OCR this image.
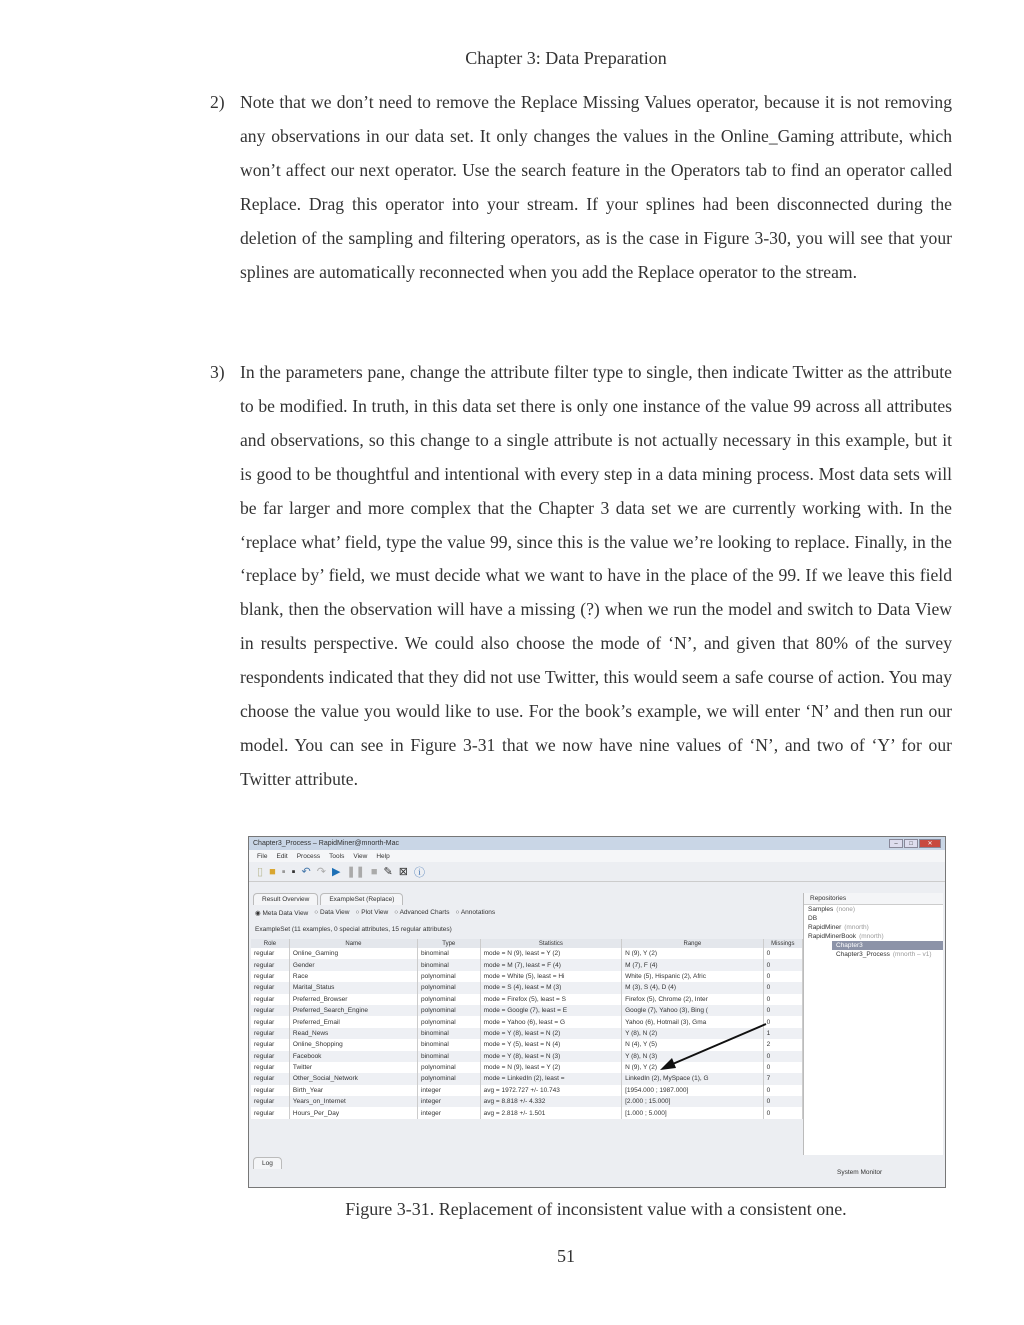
Chapter 3: Data Preparation
2) Note that we don’t need to remove the Replace Missing Values operator, because it is not removing any observations in our data set. It only changes the values in the Online_Gaming attribute, which won’t affect our next operator. Use the search feature in the Operators tab to find an operator called Replace. Drag this operator into your stream. If your splines had been disconnected during the deletion of the sampling and filtering operators, as is the case in Figure 3-30, you will see that your splines are automatically reconnected when you add the Replace operator to the stream.
3) In the parameters pane, change the attribute filter type to single, then indicate Twitter as the attribute to be modified. In truth, in this data set there is only one instance of the value 99 across all attributes and observations, so this change to a single attribute is not actually necessary in this example, but it is good to be thoughtful and intentional with every step in a data mining process. Most data sets will be far larger and more complex that the Chapter 3 data set we are currently working with. In the ‘replace what’ field, type the value 99, since this is the value we’re looking to replace. Finally, in the ‘replace by’ field, we must decide what we want to have in the place of the 99. If we leave this field blank, then the observation will have a missing (?) when we run the model and switch to Data View in results perspective. We could also choose the mode of ‘N’, and given that 80% of the survey respondents indicated that they did not use Twitter, this would seem a safe course of action. You may choose the value you would like to use. For the book’s example, we will enter ‘N’ and then run our model. You can see in Figure 3-31 that we now have nine values of ‘N’, and two of ‘Y’ for our Twitter attribute.
Chapter3_Process – RapidMiner@mnorth-Mac	–	□	✕
File Edit Process Tools View Help
▯ ■ ▪ ▪ ↶ ↷ ▶ ❚❚ ■ ✎ ⊠ ⓘ
Result Overview	ExampleSet (Replace)
◉ Meta Data View ○ Data View ○ Plot View ○ Advanced Charts ○ Annotations
ExampleSet (11 examples, 0 special attributes, 15 regular attributes)
Role	Name	Type	Statistics	Range	Missings
regular	Online_Gaming	binominal	mode = N (9), least = Y (2)	N (9), Y (2)	0
regular	Gender	binominal	mode = M (7), least = F (4)	M (7), F (4)	0
regular	Race	polynominal	mode = White (5), least = Hi	White (5), Hispanic (2), Afric	0
regular	Marital_Status	polynominal	mode = S (4), least = M (3)	M (3), S (4), D (4)	0
regular	Preferred_Browser	polynominal	mode = Firefox (5), least = S	Firefox (5), Chrome (2), Inter	0
regular	Preferred_Search_Engine	polynominal	mode = Google (7), least = E	Google (7), Yahoo (3), Bing (	0
regular	Preferred_Email	polynominal	mode = Yahoo (6), least = G	Yahoo (6), Hotmail (3), Gma	0
regular	Read_News	binominal	mode = Y (8), least = N (2)	Y (8), N (2)	1
regular	Online_Shopping	binominal	mode = Y (5), least = N (4)	N (4), Y (5)	2
regular	Facebook	binominal	mode = Y (8), least = N (3)	Y (8), N (3)	0
regular	Twitter	polynominal	mode = N (9), least = Y (2)	N (9), Y (2)	0
regular	Other_Social_Network	polynominal	mode = LinkedIn (2), least =	LinkedIn (2), MySpace (1), G	7
regular	Birth_Year	integer	avg = 1972.727 +/- 10.743	[1954.000 ; 1987.000]	0
regular	Years_on_Internet	integer	avg = 8.818 +/- 4.332	[2.000 ; 15.000]	0
regular	Hours_Per_Day	integer	avg = 2.818 +/- 1.501	[1.000 ; 5.000]	0
Repositories
Samples (none)
DB
RapidMiner (mnorth)
RapidMinerBook (mnorth)
Chapter3
Chapter3_Process (mnorth – v1)
Log
System Monitor
Figure 3-31. Replacement of inconsistent value with a consistent one.
51
